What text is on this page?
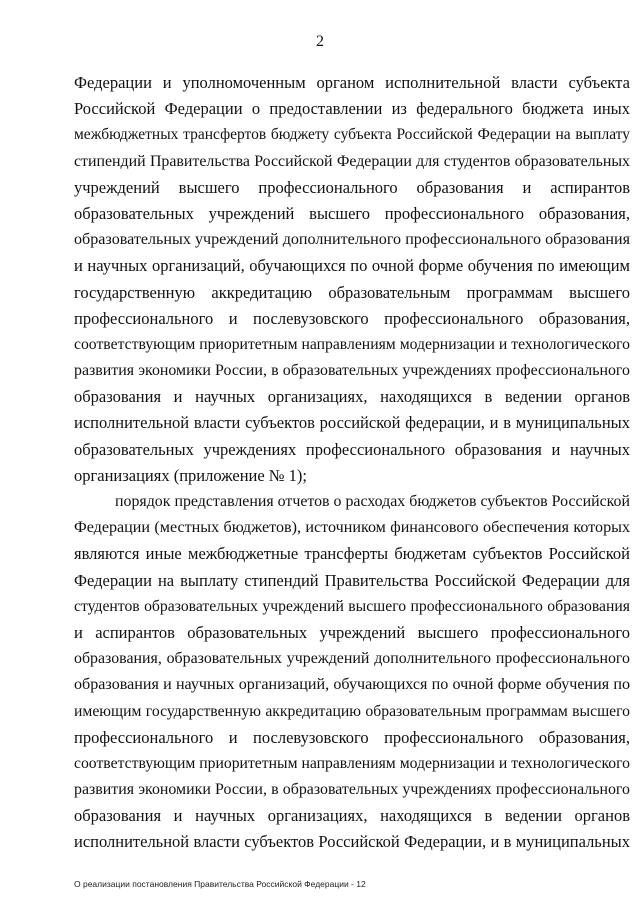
2
Федерации и уполномоченным органом исполнительной власти субъекта
Российской Федерации о предоставлении из федерального бюджета иных
межбюджетных трансфертов бюджету субъекта Российской Федерации на выплату
стипендий Правительства Российской Федерации для студентов образовательных
учреждений высшего профессионального образования и аспирантов
образовательных учреждений высшего профессионального образования,
образовательных учреждений дополнительного профессионального образования
и научных организаций, обучающихся по очной форме обучения по имеющим
государственную аккредитацию образовательным программам высшего
профессионального и послевузовского профессионального образования,
соответствующим приоритетным направлениям модернизации и технологического
развития экономики России, в образовательных учреждениях профессионального
образования и научных организациях, находящихся в ведении органов
исполнительной власти субъектов российской федерации, и в муниципальных
образовательных учреждениях профессионального образования и научных
организациях (приложение № 1);
порядок представления отчетов о расходах бюджетов субъектов Российской
Федерации (местных бюджетов), источником финансового обеспечения которых
являются иные межбюджетные трансферты бюджетам субъектов Российской
Федерации на выплату стипендий Правительства Российской Федерации для
студентов образовательных учреждений высшего профессионального образования
и аспирантов образовательных учреждений высшего профессионального
образования, образовательных учреждений дополнительного профессионального
образования и научных организаций, обучающихся по очной форме обучения по
имеющим государственную аккредитацию образовательным программам высшего
профессионального и послевузовского профессионального образования,
соответствующим приоритетным направлениям модернизации и технологического
развития экономики России, в образовательных учреждениях профессионального
образования и научных организациях, находящихся в ведении органов
исполнительной власти субъектов Российской Федерации, и в муниципальных
О реализации постановления Правительства Российской Федерации - 12
